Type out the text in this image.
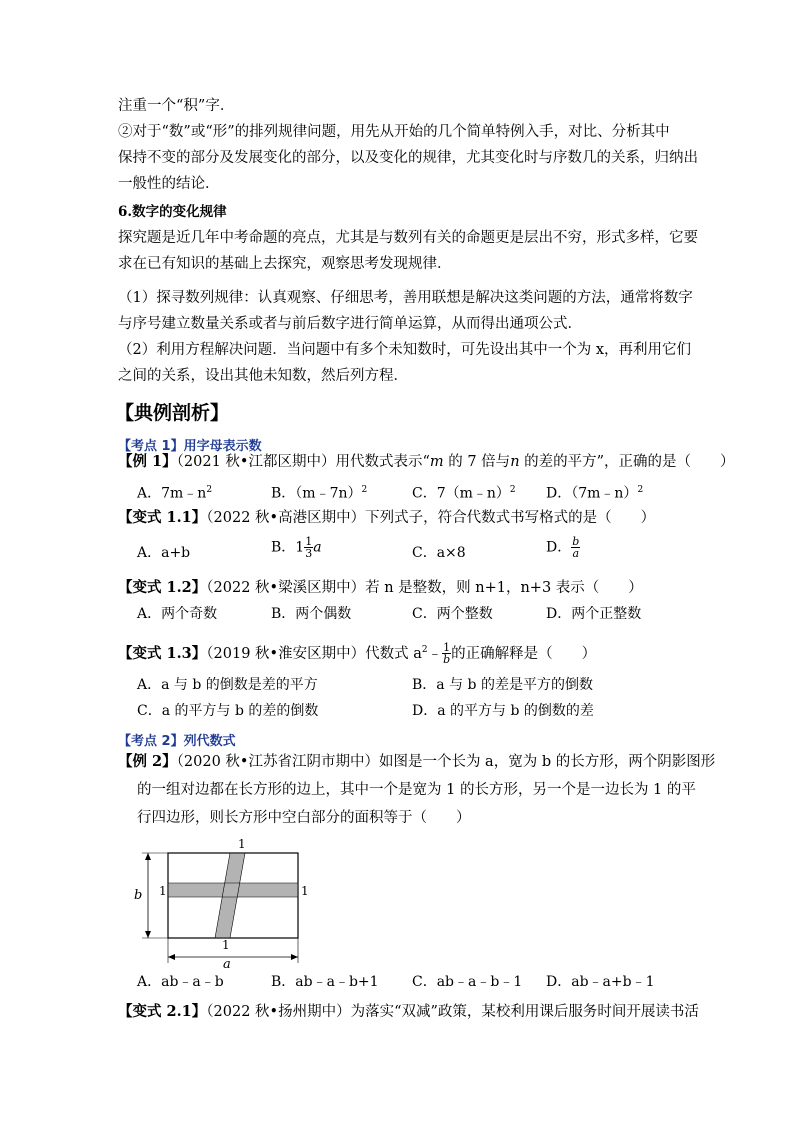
注重一个“积”字．
②对于“数”或“形”的排列规律问题，用先从开始的几个简单特例入手，对比、分析其中
保持不变的部分及发展变化的部分，以及变化的规律，尤其变化时与序数几的关系，归纳出
一般性的结论．
6.数字的变化规律
探究题是近几年中考命题的亮点，尤其是与数列有关的命题更是层出不穷，形式多样，它要
求在已有知识的基础上去探究，观察思考发现规律．
（1）探寻数列规律：认真观察、仔细思考，善用联想是解决这类问题的方法，通常将数字
与序号建立数量关系或者与前后数字进行简单运算，从而得出通项公式．
（2）利用方程解决问题．当问题中有多个未知数时，可先设出其中一个为 x，再利用它们
之间的关系，设出其他未知数，然后列方程．
【典例剖析】
【考点 1】用字母表示数
【例 1】（2021 秋•江都区期中）用代数式表示“m 的 7 倍与n 的差的平方”，正确的是（　　）
A．$7m﹣n^2$	B．（m﹣7n）$^2$	C．7（m﹣n）$^2$ D．（7m﹣n）$^2$
【变式 1.1】（2022 秋•高港区期中）下列式子，符合代数式书写格式的是（　　）
A．a+b	B．$1 \frac{1}{3}$ a	C．a×8	D． $\frac{b}{a}$
【变式 1.2】（2022 秋•梁溪区期中）若 n 是整数，则 n+1，n+3 表示（　　）
A．两个奇数	B．两个偶数	C．两个整数	D．两个正整数
【变式 1.3】（2019 秋•淮安区期中）代数式 $a^2﹣ \frac{1}{b}$ 的正确解释是（　　）
A．a 与 b 的倒数是差的平方	B．a 与 b 的差是平方的倒数
C．a 的平方与 b 的差的倒数	D．a 的平方与 b 的倒数的差
【考点 2】列代数式
【例 2】（2020 秋•江苏省江阴市期中）如图是一个长为 a，宽为 b 的长方形，两个阴影图形
的一组对边都在长方形的边上，其中一个是宽为 1 的长方形，另一个是一边长为 1 的平
行四边形，则长方形中空白部分的面积等于（　　）
1
1	1
1
b
a
A．ab﹣a﹣b	B．ab﹣a﹣b+1 C．ab﹣a﹣b﹣1 D．ab﹣a+b﹣1
【变式 2.1】（2022 秋•扬州期中）为落实“双减”政策，某校利用课后服务时间开展读书活
